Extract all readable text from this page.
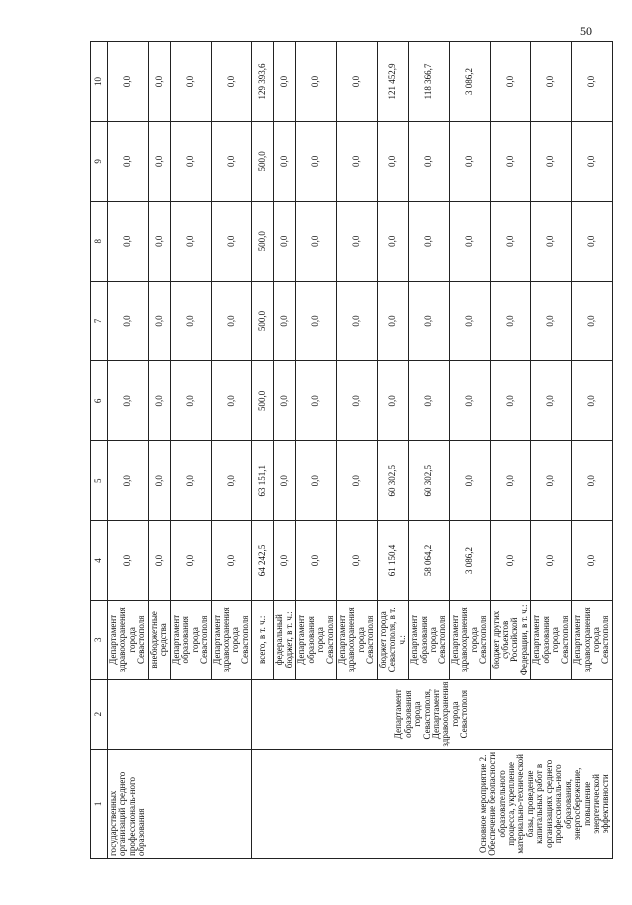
50
1	2	3	4	5	6	7	8	9	10
государственных организаций среднего профессиональ-ного образования		Департамент здравоохранения города Севастополя	0,0	0,0	0,0	0,0	0,0	0,0	0,0
		внебюджетные средства	0,0	0,0	0,0	0,0	0,0	0,0	0,0
		Департамент образования города Севастополя	0,0	0,0	0,0	0,0	0,0	0,0	0,0
		Департамент здравоохранения города Севастополя	0,0	0,0	0,0	0,0	0,0	0,0	0,0
Основное мероприятие 2. Обеспечение безопасности образовательного процесса, укрепление материально-технической базы, проведение капитальных работ в организациях среднего профессиональ-ного образования, энергосбережение, повышение энергетической эффективности	Департамент образования города Севастополя, Департамент здравоохранения города Севастополя	всего, в т. ч.:	64 242,5	63 151,1	500,0	500,0	500,0	500,0	129 393,6
		федеральный бюджет, в т. ч.:	0,0	0,0	0,0	0,0	0,0	0,0	0,0
		Департамент образования города Севастополя	0,0	0,0	0,0	0,0	0,0	0,0	0,0
		Департамент здравоохранения города Севастополя	0,0	0,0	0,0	0,0	0,0	0,0	0,0
		бюджет города Севастополя, в т. ч.:	61 150,4	60 302,5	0,0	0,0	0,0	0,0	121 452,9
		Департамент образования города Севастополя	58 064,2	60 302,5	0,0	0,0	0,0	0,0	118 366,7
		Департамент здравоохранения города Севастополя	3 086,2	0,0	0,0	0,0	0,0	0,0	3 086,2
		бюджет других субъектов Российской Федерации, в т. ч.:	0,0	0,0	0,0	0,0	0,0	0,0	0,0
		Департамент образования города Севастополя	0,0	0,0	0,0	0,0	0,0	0,0	0,0
		Департамент здравоохранения города Севастополя	0,0	0,0	0,0	0,0	0,0	0,0	0,0
